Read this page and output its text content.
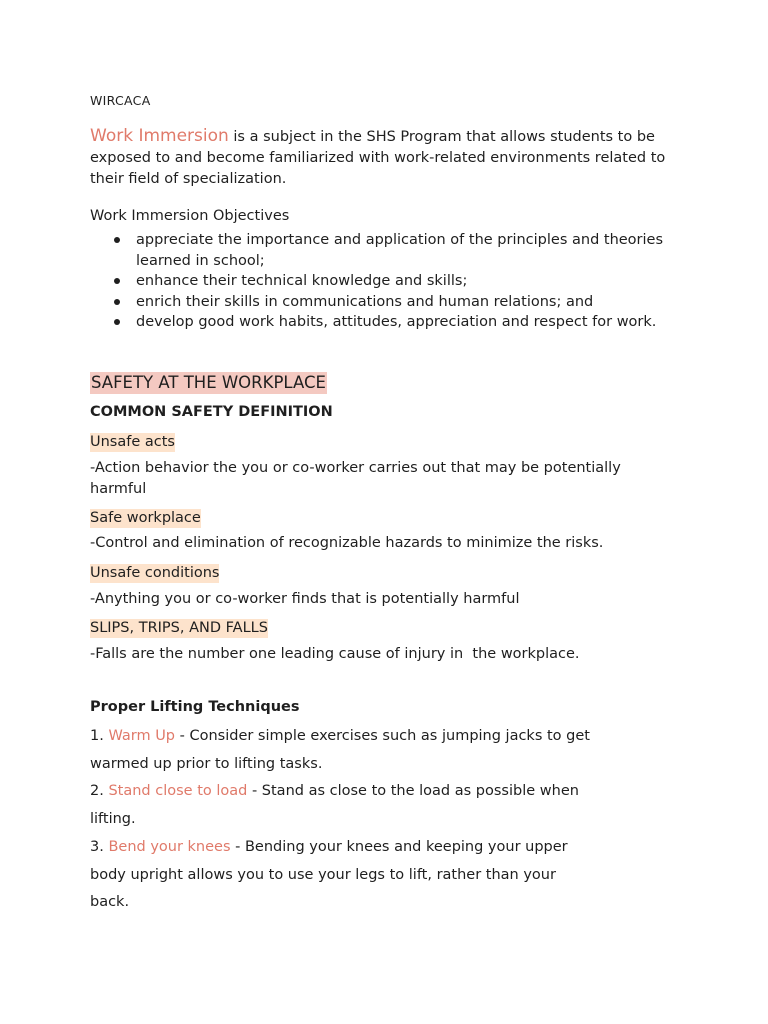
WIRCACA
Work Immersion is a subject in the SHS Program that allows students to be exposed to and become familiarized with work-related environments related to their field of specialization.
Work Immersion Objectives
appreciate the importance and application of the principles and theories learned in school;
enhance their technical knowledge and skills;
enrich their skills in communications and human relations; and
develop good work habits, attitudes, appreciation and respect for work.
SAFETY AT THE WORKPLACE
COMMON SAFETY DEFINITION
Unsafe acts
-Action behavior the you or co-worker carries out that may be potentially harmful
Safe workplace
-Control and elimination of recognizable hazards to minimize the risks.
Unsafe conditions
-Anything you or co-worker finds that is potentially harmful
SLIPS, TRIPS, AND FALLS
-Falls are the number one leading cause of injury in  the workplace.
Proper Lifting Techniques
1. Warm Up - Consider simple exercises such as jumping jacks to get warmed up prior to lifting tasks.
2. Stand close to load - Stand as close to the load as possible when lifting.
3. Bend your knees - Bending your knees and keeping your upper body upright allows you to use your legs to lift, rather than your back.
